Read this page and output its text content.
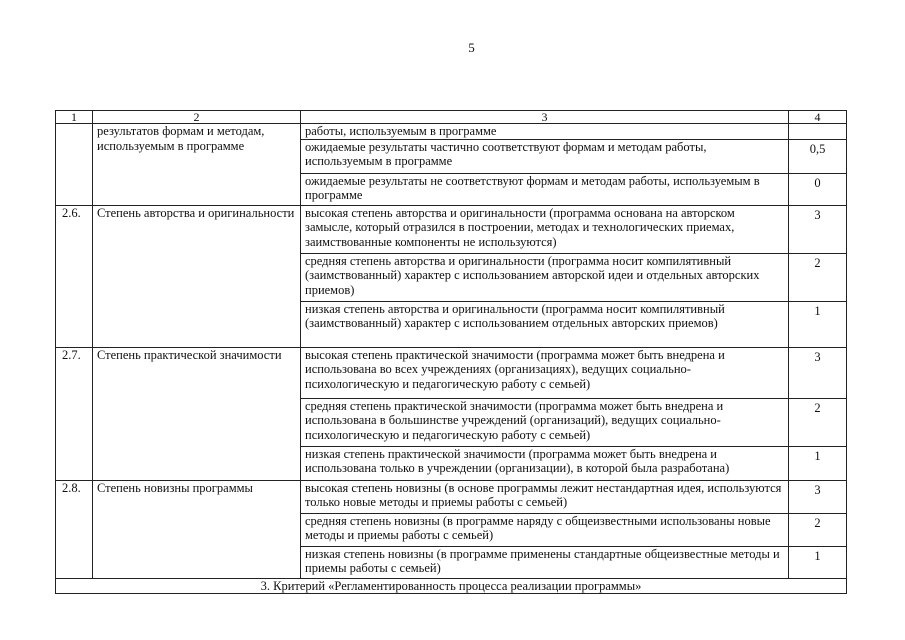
5
1	2	3	4

	результатов формам и методам, используемым в программе	работы, используемым в программе	

		ожидаемые результаты частично соответствуют формам и методам работы, используемым в программе	0,5

		ожидаемые результаты не соответствуют формам и методам работы, используемым в программе	0

2.6.	Степень авторства и оригинальности	высокая степень авторства и оригинальности (программа основана на авторском замысле, который отразился в построении, методах и технологических приемах, заимствованные компоненты не используются)	3

		средняя степень авторства и оригинальности (программа носит компилятивный (заимствованный) характер с использованием авторской идеи и отдельных авторских приемов)	2

		низкая степень авторства и оригинальности (программа носит компилятивный (заимствованный) характер с использованием отдельных авторских приемов)	1

2.7.	Степень практической значимости	высокая степень практической значимости (программа может быть внедрена и использована во всех учреждениях (организациях), ведущих социально-психологическую и педагогическую работу с семьей)	3

		средняя степень практической значимости (программа может быть внедрена и использована в большинстве учреждений (организаций), ведущих социально-психологическую и педагогическую работу с семьей)	2

		низкая степень практической значимости (программа может быть внедрена и использована только в учреждении (организации), в которой была разработана)	1

2.8.	Степень новизны программы	высокая степень новизны (в основе программы лежит нестандартная идея, используются только новые методы и приемы работы с семьей)	3

		средняя степень новизны (в программе наряду с общеизвестными использованы новые методы и приемы работы с семьей)	2

		низкая степень новизны (в программе применены стандартные общеизвестные методы и приемы работы с семьей)	1

3. Критерий «Регламентированность процесса реализации программы»			
